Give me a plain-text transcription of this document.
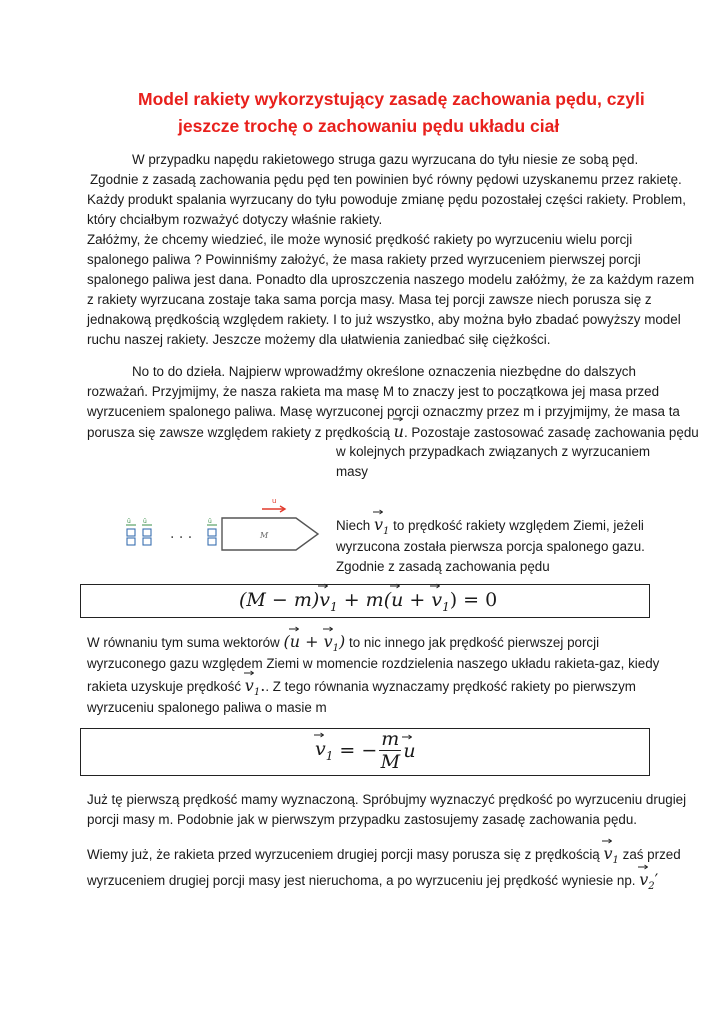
Model rakiety wykorzystujący zasadę zachowania pędu, czyli
jeszcze trochę o zachowaniu pędu układu ciał
W przypadku napędu rakietowego struga gazu wyrzucana do tyłu niesie ze sobą pęd.
Zgodnie z zasadą zachowania pędu pęd ten powinien być równy pędowi uzyskanemu przez rakietę.
Każdy produkt spalania wyrzucany do tyłu powoduje zmianę pędu pozostałej części rakiety. Problem,
który chciałbym rozważyć dotyczy właśnie rakiety.
Załóżmy, że chcemy wiedzieć, ile może wynosić prędkość rakiety po wyrzuceniu wielu porcji
spalonego paliwa ? Powinniśmy założyć, że masa rakiety przed wyrzuceniem pierwszej porcji
spalonego paliwa jest dana. Ponadto dla uproszczenia naszego modelu załóżmy, że za każdym razem
z rakiety wyrzucana zostaje taka sama porcja masy. Masa tej porcji zawsze niech porusza się z
jednakową prędkością względem rakiety. I to już wszystko, aby można było zbadać powyższy model
ruchu naszej rakiety. Jeszcze możemy dla ułatwienia zaniedbać siłę ciężkości.
No to do dzieła. Najpierw wprowadźmy określone oznaczenia niezbędne do dalszych
rozważań. Przyjmijmy, że nasza rakieta ma masę M to znaczy jest to początkowa jej masa przed
wyrzuceniem spalonego paliwa. Masę wyrzuconej porcji oznaczmy przez m i przyjmijmy, że masa ta
porusza się zawsze względem rakiety z prędkością
u. Pozostaje zastosować zasadę zachowania pędu
w kolejnych przypadkach związanych z wyrzucaniem
masy
u
M
ū ū
· · ·
ū	Niech
$v_1$ to prędkość rakiety względem Ziemi, jeżeli
wyrzucona została pierwsza porcja spalonego gazu.
Zgodnie z zasadą zachowania pędu
(M − m)
$v_1 + m$(
u +
$v_1) = 0$
W równaniu tym suma wektorów (
u +
$v_1$) to nic innego jak prędkość pierwszej porcji
wyrzuconego gazu względem Ziemi w momencie rozdzielenia naszego układu rakieta-gaz, kiedy
rakieta uzyskuje prędkość
$v_1$.. Z tego równania wyznaczamy prędkość rakiety po pierwszym
wyrzuceniu spalonego paliwa o masie m
$v_1$ = − $\frac{m}{M}$ u
Już tę pierwszą prędkość mamy wyznaczoną. Spróbujmy wyznaczyć prędkość po wyrzuceniu drugiej
porcji masy m. Podobnie jak w pierwszym przypadku zastosujemy zasadę zachowania pędu.
Wiemy już, że rakieta przed wyrzuceniem drugiej porcji masy porusza się z prędkością
$v_1$ zaś przed
wyrzuceniem drugiej porcji masy jest nieruchoma, a po wyrzuceniu jej prędkość wyniesie np.
$v_2'$
